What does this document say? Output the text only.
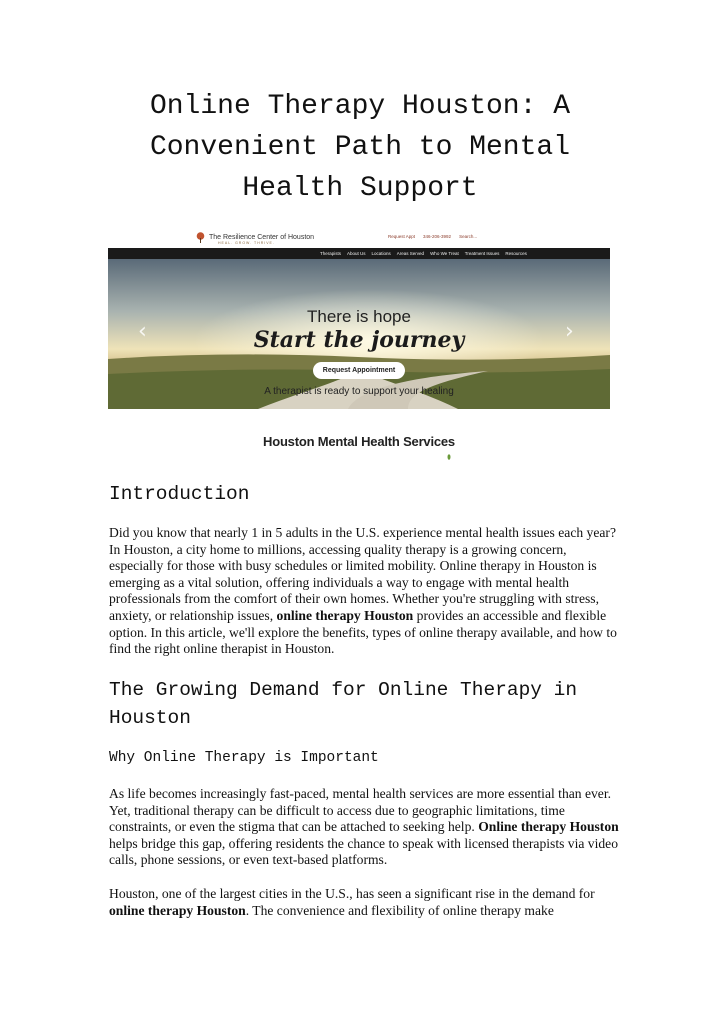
Online Therapy Houston: A Convenient Path to Mental Health Support
The Resilience Center of Houston
HEAL. GROW. THRIVE.
Request Appt 346-206-3992 Search...
Therapists About Us Locations Areas Served Who We Treat Treatment Issues Resources
There is hope
Start the journey
Request Appointment
A therapist is ready to support your healing
‹	›
Houston Mental Health Services
Introduction

Did you know that nearly 1 in 5 adults in the U.S. experience mental health issues each year? In Houston, a city home to millions, accessing quality therapy is a growing concern, especially for those with busy schedules or limited mobility. Online therapy in Houston is emerging as a vital solution, offering individuals a way to engage with mental health professionals from the comfort of their own homes. Whether you're struggling with stress, anxiety, or relationship issues, online therapy Houston provides an accessible and flexible option. In this article, we'll explore the benefits, types of online therapy available, and how to find the right online therapist in Houston.

The Growing Demand for Online Therapy in Houston
Why Online Therapy is Important

As life becomes increasingly fast-paced, mental health services are more essential than ever. Yet, traditional therapy can be difficult to access due to geographic limitations, time constraints, or even the stigma that can be attached to seeking help. Online therapy Houston helps bridge this gap, offering residents the chance to speak with licensed therapists via video calls, phone sessions, or even text-based platforms.

Houston, one of the largest cities in the U.S., has seen a significant rise in the demand for online therapy Houston. The convenience and flexibility of online therapy make
